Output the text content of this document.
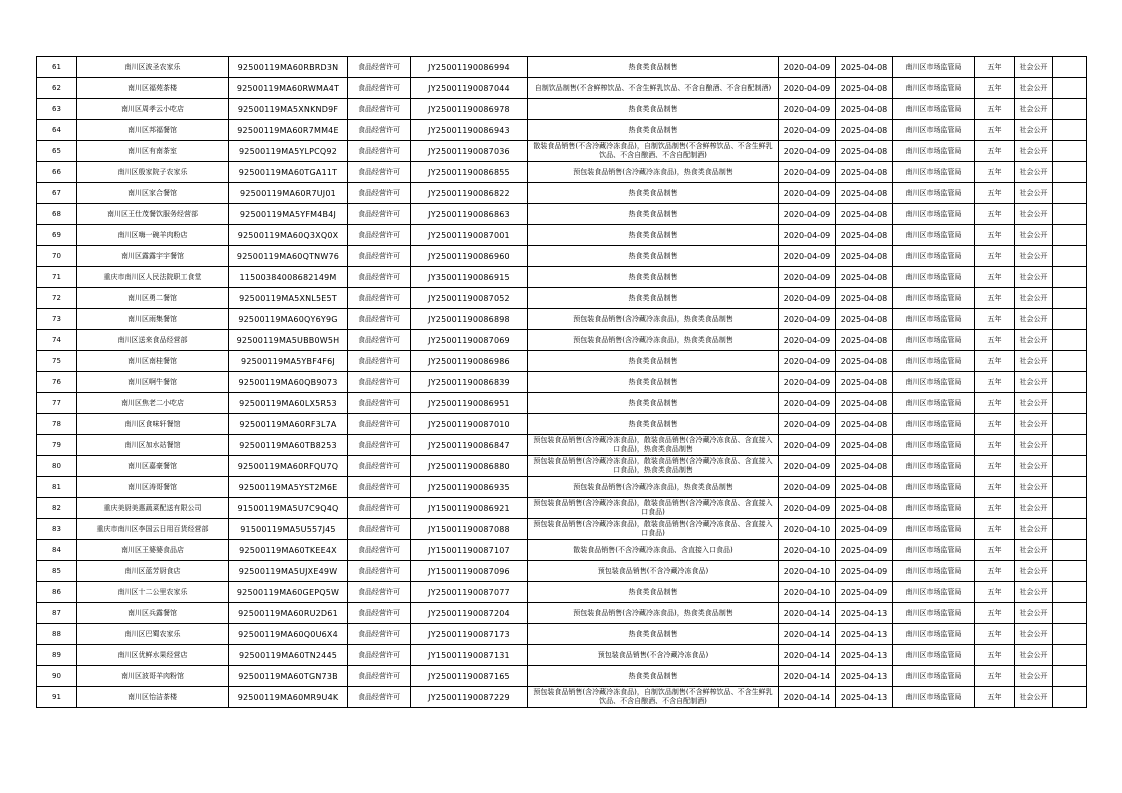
61	南川区波圣农家乐	92500119MA60RBRD3N	食品经营许可	JY25001190086994	热食类食品制售	2020-04-09	2025-04-08	南川区市场监管局	五年	社会公开	
62	南川区福苑茶楼	92500119MA60RWMA4T	食品经营许可	JY25001190087044	自制饮品制售(不含鲜榨饮品、不含生鲜乳饮品、不含自酿酒、不含自配制酒)	2020-04-09	2025-04-08	南川区市场监管局	五年	社会公开	
63	南川区周孝云小吃店	92500119MA5XNKND9F	食品经营许可	JY25001190086978	热食类食品制售	2020-04-09	2025-04-08	南川区市场监管局	五年	社会公开	
64	南川区邦福餐馆	92500119MA60R7MM4E	食品经营许可	JY25001190086943	热食类食品制售	2020-04-09	2025-04-08	南川区市场监管局	五年	社会公开	
65	南川区有南茶室	92500119MA5YLPCQ92	食品经营许可	JY25001190087036	散装食品销售(不含冷藏冷冻食品)，自制饮品制售(不含鲜榨饮品、不含生鲜乳饮品、不含自酿酒、不含自配制酒)	2020-04-09	2025-04-08	南川区市场监管局	五年	社会公开	
66	南川区殷家院子农家乐	92500119MA60TGA11T	食品经营许可	JY25001190086855	预包装食品销售(含冷藏冷冻食品)，热食类食品制售	2020-04-09	2025-04-08	南川区市场监管局	五年	社会公开	
67	南川区家合餐馆	92500119MA60R7UJ01	食品经营许可	JY25001190086822	热食类食品制售	2020-04-09	2025-04-08	南川区市场监管局	五年	社会公开	
68	南川区王仕茂餐饮服务经营部	92500119MA5YFM4B4J	食品经营许可	JY25001190086863	热食类食品制售	2020-04-09	2025-04-08	南川区市场监管局	五年	社会公开	
69	南川区嗨一碗羊肉粉店	92500119MA60Q3XQ0X	食品经营许可	JY25001190087001	热食类食品制售	2020-04-09	2025-04-08	南川区市场监管局	五年	社会公开	
70	南川区露露宇宇餐馆	92500119MA60QTNW76	食品经营许可	JY25001190086960	热食类食品制售	2020-04-09	2025-04-08	南川区市场监管局	五年	社会公开	
71	重庆市南川区人民法院职工食堂	11500384008682149M	食品经营许可	JY35001190086915	热食类食品制售	2020-04-09	2025-04-08	南川区市场监管局	五年	社会公开	
72	南川区勇二餐馆	92500119MA5XNL5E5T	食品经营许可	JY25001190087052	热食类食品制售	2020-04-09	2025-04-08	南川区市场监管局	五年	社会公开	
73	南川区雨集餐馆	92500119MA60QY6Y9G	食品经营许可	JY25001190086898	预包装食品销售(含冷藏冷冻食品)，热食类食品制售	2020-04-09	2025-04-08	南川区市场监管局	五年	社会公开	
74	南川区送来食品经营部	92500119MA5UBB0W5H	食品经营许可	JY25001190087069	预包装食品销售(含冷藏冷冻食品)，热食类食品制售	2020-04-09	2025-04-08	南川区市场监管局	五年	社会公开	
75	南川区南桂餐馆	92500119MA5YBF4F6J	食品经营许可	JY25001190086986	热食类食品制售	2020-04-09	2025-04-08	南川区市场监管局	五年	社会公开	
76	南川区啊牛餐馆	92500119MA60QB9073	食品经营许可	JY25001190086839	热食类食品制售	2020-04-09	2025-04-08	南川区市场监管局	五年	社会公开	
77	南川区焦老二小吃店	92500119MA60LX5R53	食品经营许可	JY25001190086951	热食类食品制售	2020-04-09	2025-04-08	南川区市场监管局	五年	社会公开	
78	南川区食味轩餐馆	92500119MA60RF3L7A	食品经营许可	JY25001190087010	热食类食品制售	2020-04-09	2025-04-08	南川区市场监管局	五年	社会公开	
79	南川区加水站餐馆	92500119MA60TB8253	食品经营许可	JY25001190086847	预包装食品销售(含冷藏冷冻食品)，散装食品销售(含冷藏冷冻食品、含直接入口食品)，热食类食品制售	2020-04-09	2025-04-08	南川区市场监管局	五年	社会公开	
80	南川区嘉豪餐馆	92500119MA60RFQU7Q	食品经营许可	JY25001190086880	预包装食品销售(含冷藏冷冻食品)，散装食品销售(含冷藏冷冻食品、含直接入口食品)，热食类食品制售	2020-04-09	2025-04-08	南川区市场监管局	五年	社会公开	
81	南川区涛哥餐馆	92500119MA5YST2M6E	食品经营许可	JY25001190086935	预包装食品销售(含冷藏冷冻食品)，热食类食品制售	2020-04-09	2025-04-08	南川区市场监管局	五年	社会公开	
82	重庆美厨美惠蔬菜配送有限公司	91500119MA5U7C9Q4Q	食品经营许可	JY15001190086921	预包装食品销售(含冷藏冷冻食品)，散装食品销售(含冷藏冷冻食品、含直接入口食品)	2020-04-09	2025-04-08	南川区市场监管局	五年	社会公开	
83	重庆市南川区李国云日用百货经营部	91500119MA5U557J45	食品经营许可	JY15001190087088	预包装食品销售(含冷藏冷冻食品)，散装食品销售(含冷藏冷冻食品、含直接入口食品)	2020-04-10	2025-04-09	南川区市场监管局	五年	社会公开	
84	南川区王婆婆食品店	92500119MA60TKEE4X	食品经营许可	JY15001190087107	散装食品销售(不含冷藏冷冻食品、含直接入口食品)	2020-04-10	2025-04-09	南川区市场监管局	五年	社会公开	
85	南川区蓝芳厨食店	92500119MA5UJXE49W	食品经营许可	JY15001190087096	预包装食品销售(不含冷藏冷冻食品)	2020-04-10	2025-04-09	南川区市场监管局	五年	社会公开	
86	南川区十二公里农家乐	92500119MA60GEPQ5W	食品经营许可	JY25001190087077	热食类食品制售	2020-04-10	2025-04-09	南川区市场监管局	五年	社会公开	
87	南川区兵露餐馆	92500119MA60RU2D61	食品经营许可	JY25001190087204	预包装食品销售(含冷藏冷冻食品)，热食类食品制售	2020-04-14	2025-04-13	南川区市场监管局	五年	社会公开	
88	南川区巴蜀农家乐	92500119MA60Q0U6X4	食品经营许可	JY25001190087173	热食类食品制售	2020-04-14	2025-04-13	南川区市场监管局	五年	社会公开	
89	南川区优鲜水果经营店	92500119MA60TN2445	食品经营许可	JY15001190087131	预包装食品销售(不含冷藏冷冻食品)	2020-04-14	2025-04-13	南川区市场监管局	五年	社会公开	
90	南川区波哥羊肉粉馆	92500119MA60TGN73B	食品经营许可	JY25001190087165	热食类食品制售	2020-04-14	2025-04-13	南川区市场监管局	五年	社会公开	
91	南川区怡洁茶楼	92500119MA60MR9U4K	食品经营许可	JY25001190087229	预包装食品销售(含冷藏冷冻食品)，自制饮品制售(不含鲜榨饮品、不含生鲜乳饮品、不含自酿酒、不含自配制酒)	2020-04-14	2025-04-13	南川区市场监管局	五年	社会公开	
